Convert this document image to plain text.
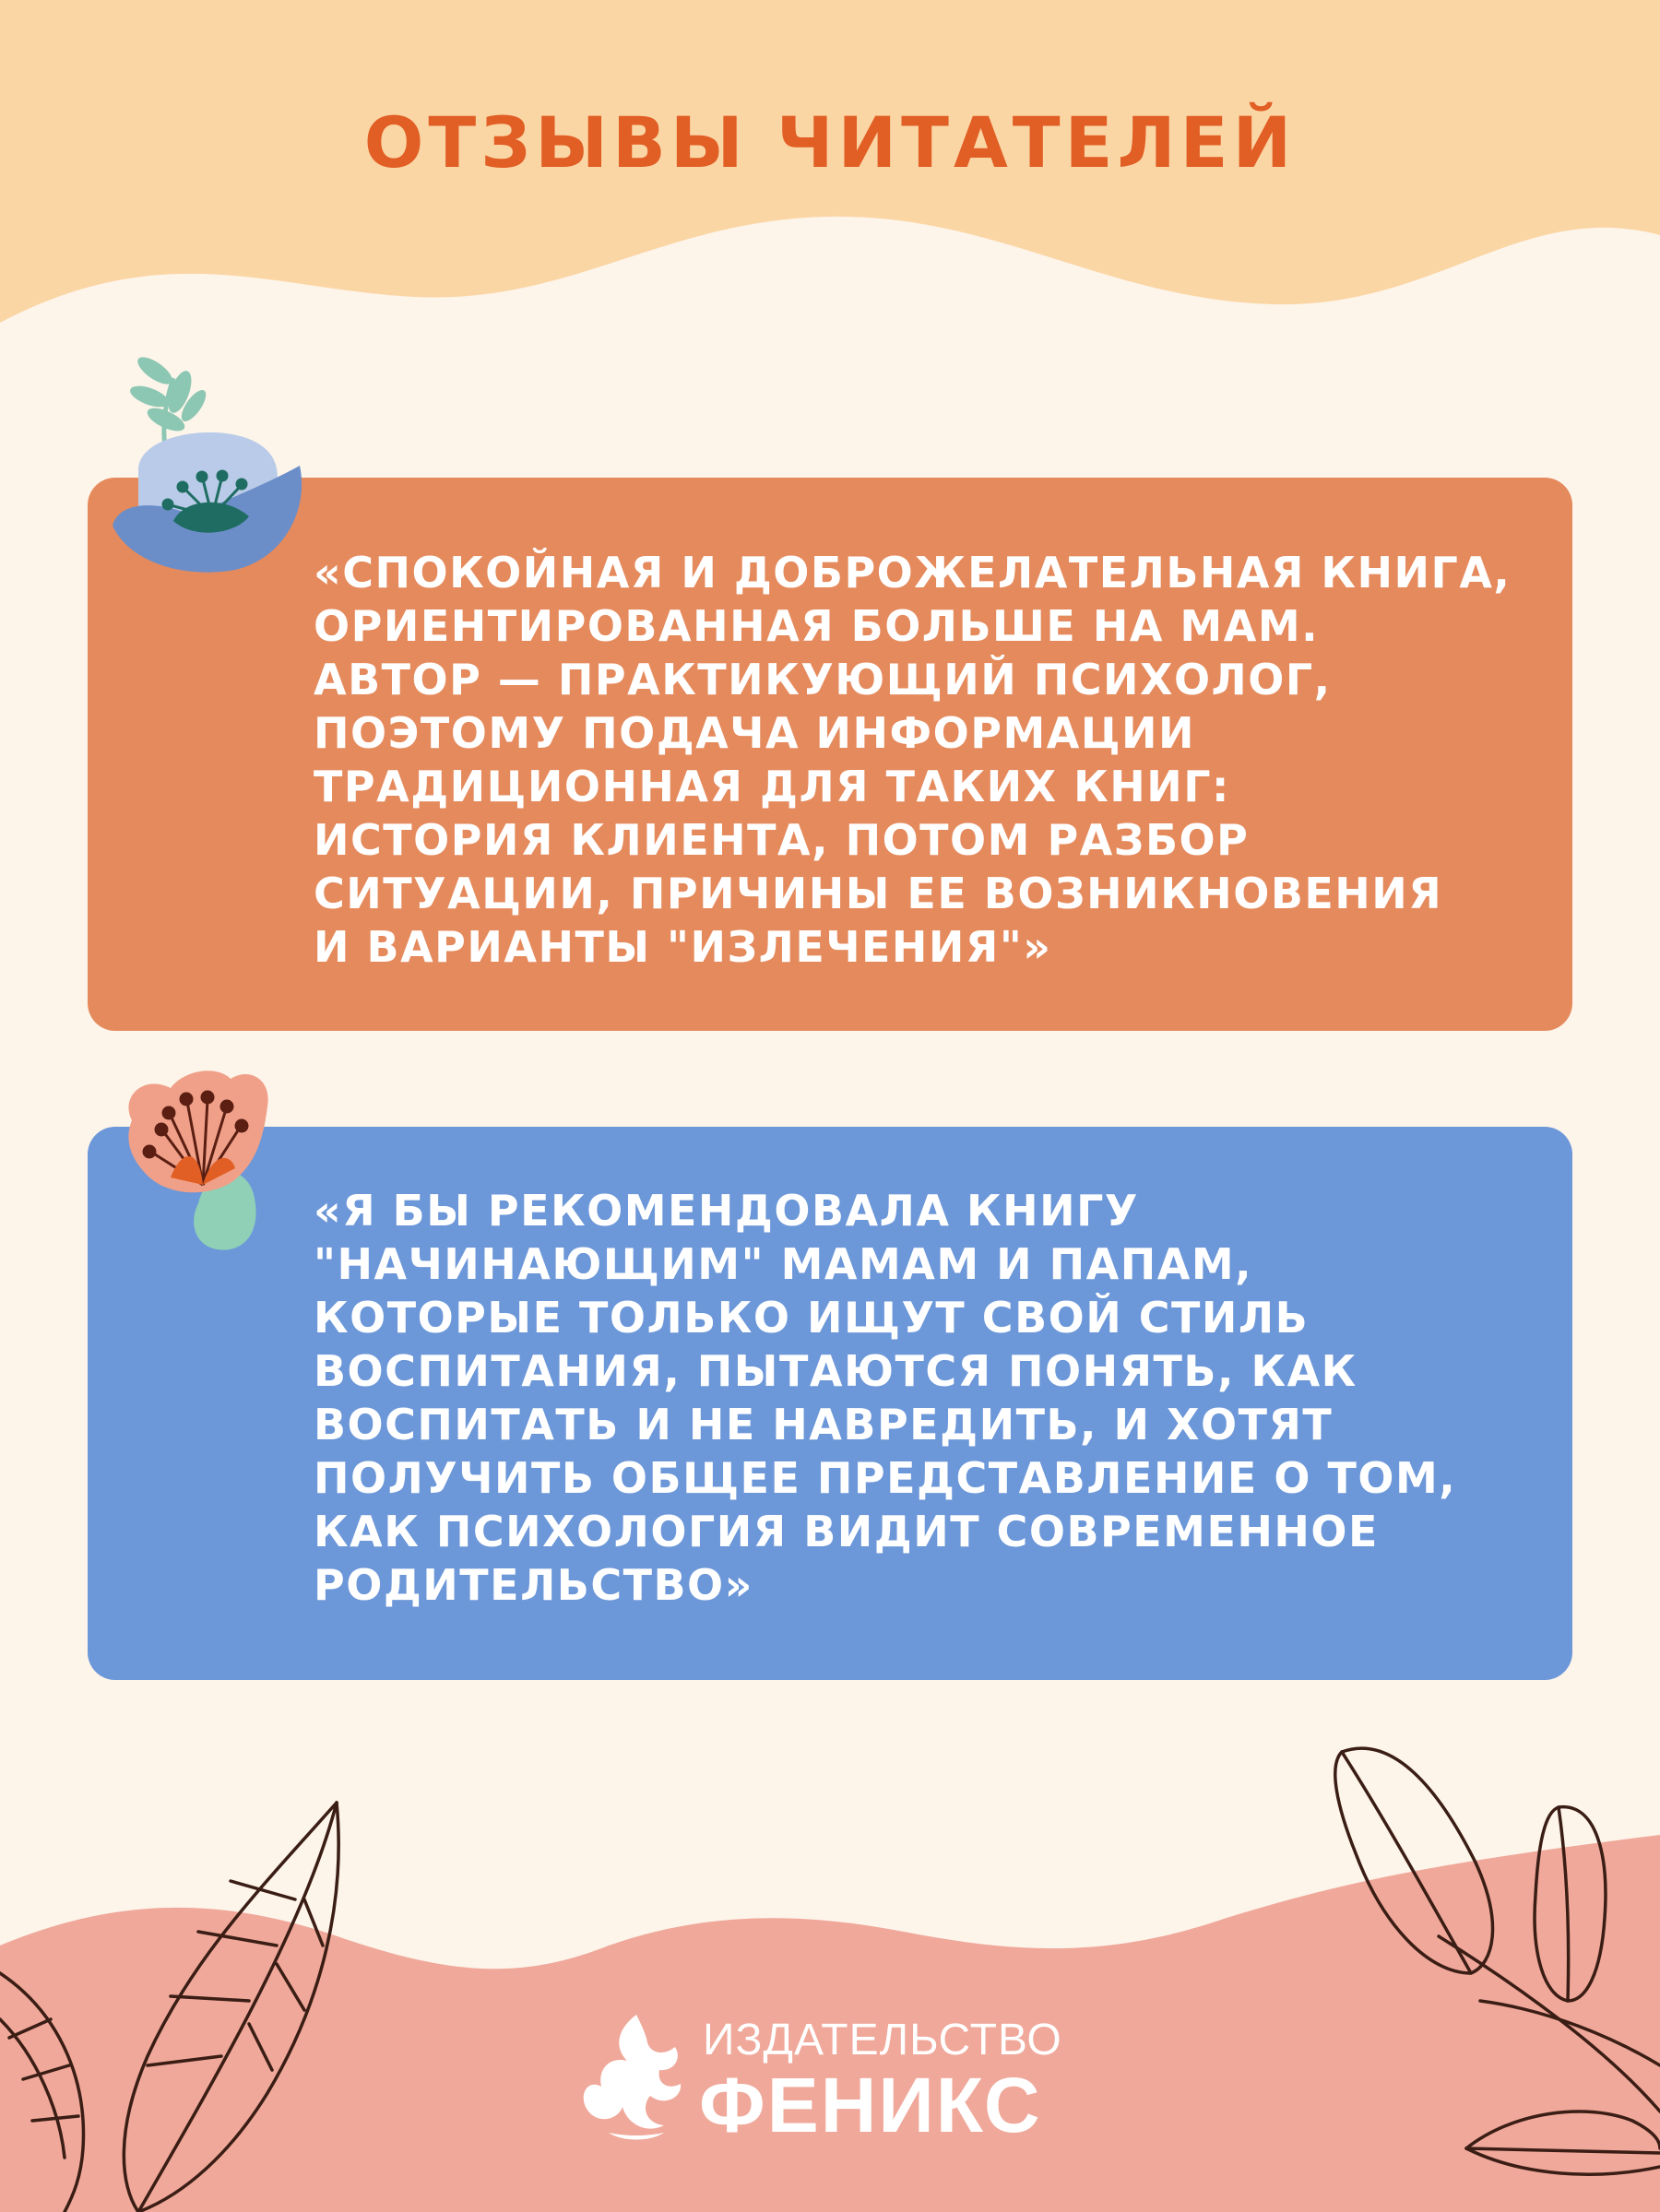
ОТЗЫВЫ ЧИТАТЕЛЕЙ
«СПОКОЙНАЯ И ДОБРОЖЕЛАТЕЛЬНАЯ КНИГА,
ОРИЕНТИРОВАННАЯ БОЛЬШЕ НА МАМ.
АВТОР — ПРАКТИКУЮЩИЙ ПСИХОЛОГ,
ПОЭТОМУ ПОДАЧА ИНФОРМАЦИИ
ТРАДИЦИОННАЯ ДЛЯ ТАКИХ КНИГ:
ИСТОРИЯ КЛИЕНТА, ПОТОМ РАЗБОР
СИТУАЦИИ, ПРИЧИНЫ ЕЕ ВОЗНИКНОВЕНИЯ
И ВАРИАНТЫ "ИЗЛЕЧЕНИЯ"»
«Я БЫ РЕКОМЕНДОВАЛА КНИГУ
"НАЧИНАЮЩИМ" МАМАМ И ПАПАМ,
КОТОРЫЕ ТОЛЬКО ИЩУТ СВОЙ СТИЛЬ
ВОСПИТАНИЯ, ПЫТАЮТСЯ ПОНЯТЬ, КАК
ВОСПИТАТЬ И НЕ НАВРЕДИТЬ, И ХОТЯТ
ПОЛУЧИТЬ ОБЩЕЕ ПРЕДСТАВЛЕНИЕ О ТОМ,
КАК ПСИХОЛОГИЯ ВИДИТ СОВРЕМЕННОЕ
РОДИТЕЛЬСТВО»
ИЗДАТЕЛЬСТВО
ФЕНИКС
